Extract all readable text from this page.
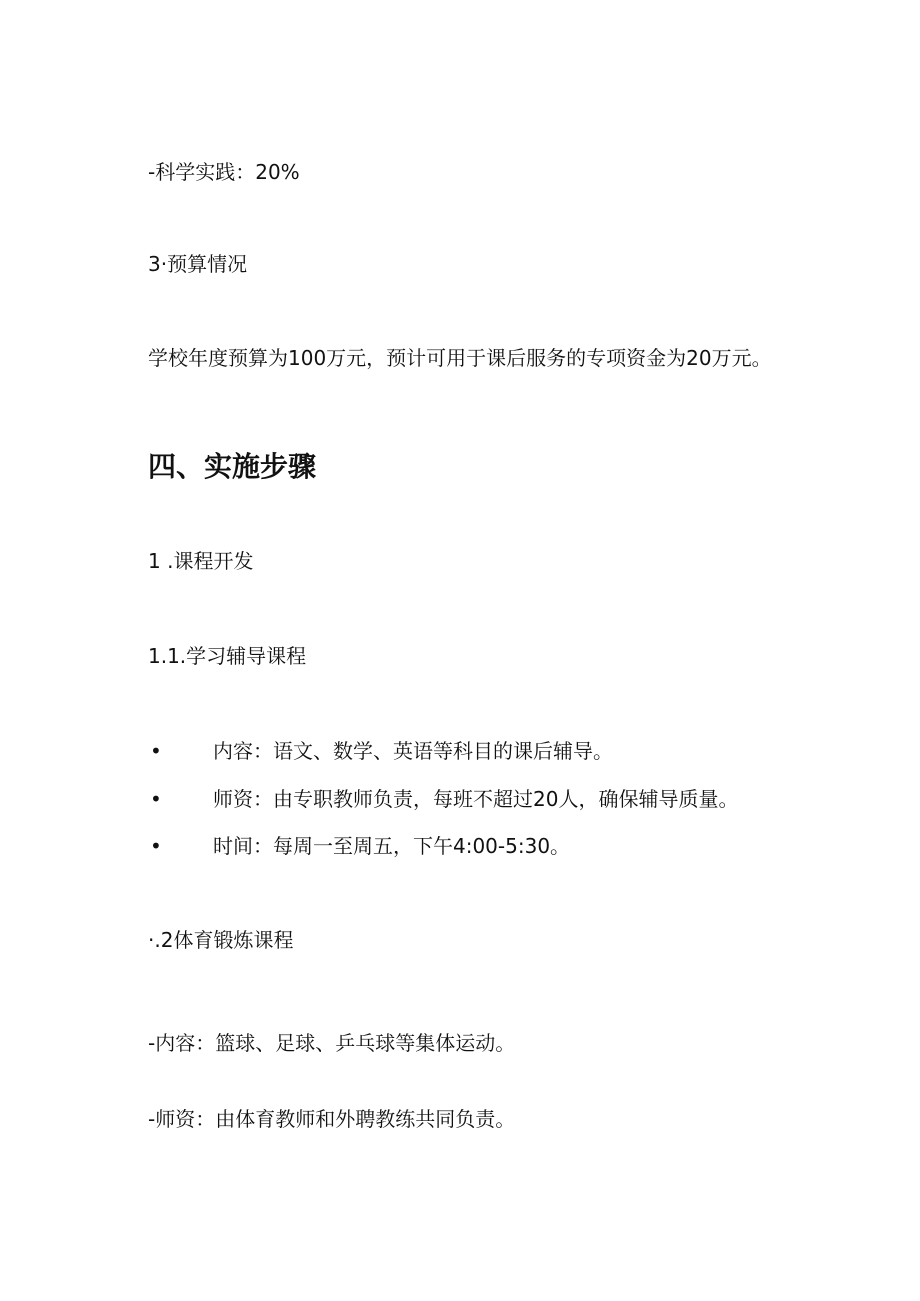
-科学实践：20%
3·预算情况
学校年度预算为100万元，预计可用于课后服务的专项资金为20万元。
四、实施步骤
1 .课程开发
1.1.学习辅导课程
•	内容：语文、数学、英语等科目的课后辅导。
•	师资：由专职教师负责，每班不超过20人，确保辅导质量。
•	时间：每周一至周五，下午4:00-5:30。
·.2体育锻炼课程
-内容：篮球、足球、乒乓球等集体运动。
-师资：由体育教师和外聘教练共同负责。
